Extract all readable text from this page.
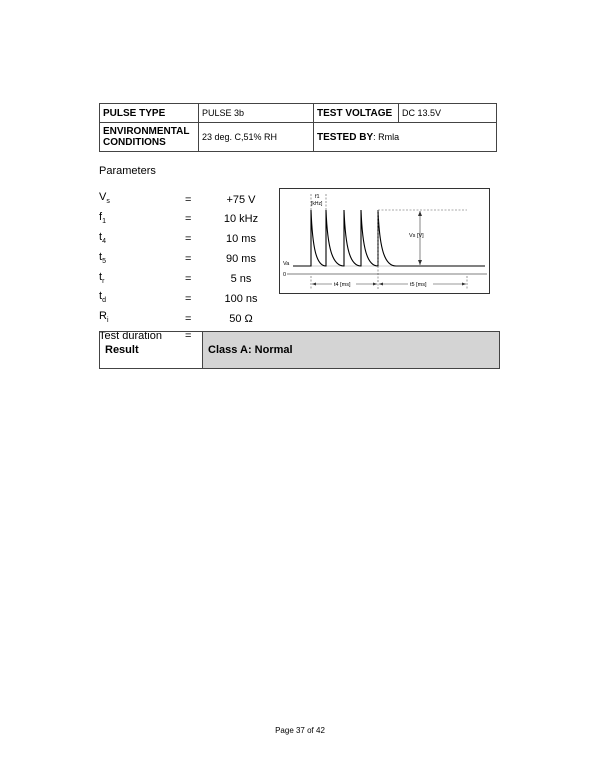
PULSE TYPE	PULSE 3b	TEST VOLTAGE	DC 13.5V
ENVIRONMENTAL CONDITIONS	23 deg. C,51% RH	TESTED BY: Rmla	
Parameters
$V_s$	=	+75 V
$f_1$	=	10 kHz
$t_4$	=	10 ms
$t_5$	=	90 ms
$t_r$	=	5 ns
$t_d$	=	100 ns
$R_i$	=	50 Ω
Test duration	=	
f1
[kHz]
Vs [V]
Va
0
t4 [ms]	t5 [ms]
Result	Class A: Normal
Page 37 of 42
